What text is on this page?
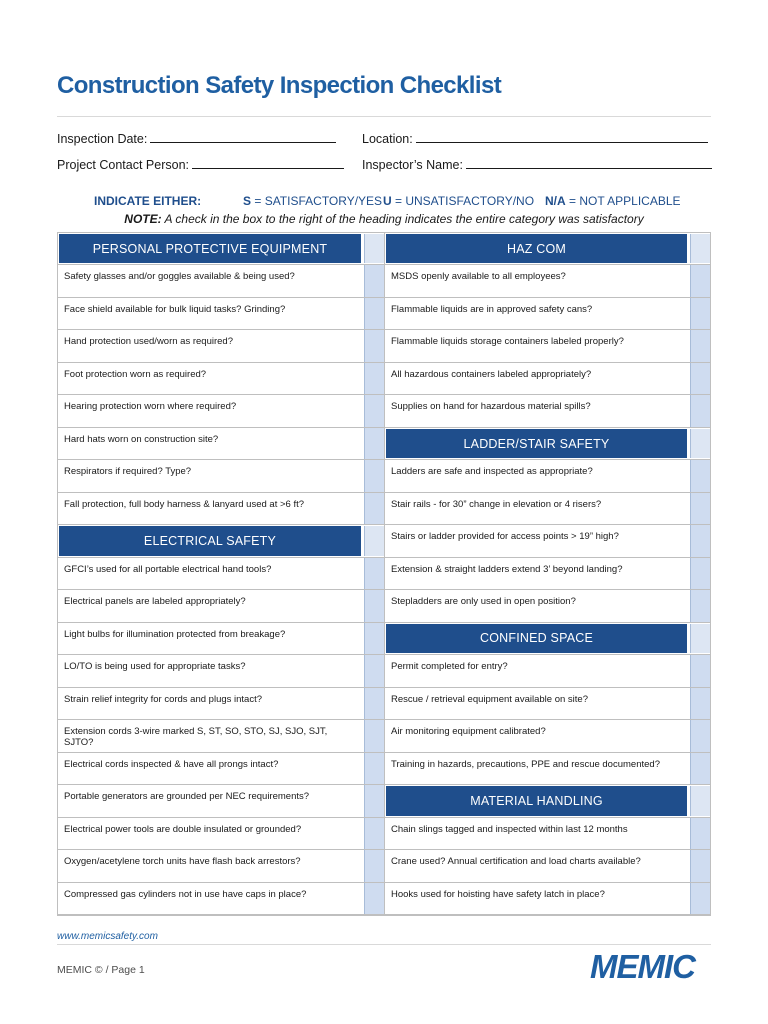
Construction Safety Inspection Checklist
Inspection Date:	Location:
Project Contact Person:	Inspector’s Name:
INDICATE EITHER:	S = SATISFACTORY/YES U = UNSATISFACTORY/NO N/A = NOT APPLICABLE
NOTE: A check in the box to the right of the heading indicates the entire category was satisfactory
PERSONAL PROTECTIVE EQUIPMENT
Safety glasses and/or goggles available & being used?
Face shield available for bulk liquid tasks? Grinding?
Hand protection used/worn as required?
Foot protection worn as required?
Hearing protection worn where required?
Hard hats worn on construction site?
Respirators if required? Type?
Fall protection, full body harness & lanyard used at >6 ft?
ELECTRICAL SAFETY
GFCI’s used for all portable electrical hand tools?
Electrical panels are labeled appropriately?
Light bulbs for illumination protected from breakage?
LO/TO is being used for appropriate tasks?
Strain relief integrity for cords and plugs intact?
Extension cords 3-wire marked S, ST, SO, STO, SJ, SJO, SJT, SJTO?
Electrical cords inspected & have all prongs intact?
Portable generators are grounded per NEC requirements?
Electrical power tools are double insulated or grounded?
Oxygen/acetylene torch units have flash back arrestors?
Compressed gas cylinders not in use have caps in place?
HAZ COM
MSDS openly available to all employees?
Flammable liquids are in approved safety cans?
Flammable liquids storage containers labeled properly?
All hazardous containers labeled appropriately?
Supplies on hand for hazardous material spills?
LADDER/STAIR SAFETY
Ladders are safe and inspected as appropriate?
Stair rails - for 30” change in elevation or 4 risers?
Stairs or ladder provided for access points > 19” high?
Extension & straight ladders extend 3’ beyond landing?
Stepladders are only used in open position?
CONFINED SPACE
Permit completed for entry?
Rescue / retrieval equipment available on site?
Air monitoring equipment calibrated?
Training in hazards, precautions, PPE and rescue documented?
MATERIAL HANDLING
Chain slings tagged and inspected within last 12 months
Crane used? Annual certification and load charts available?
Hooks used for hoisting have safety latch in place?
www.memicsafety.com
MEMIC © / Page 1	MEMIC
